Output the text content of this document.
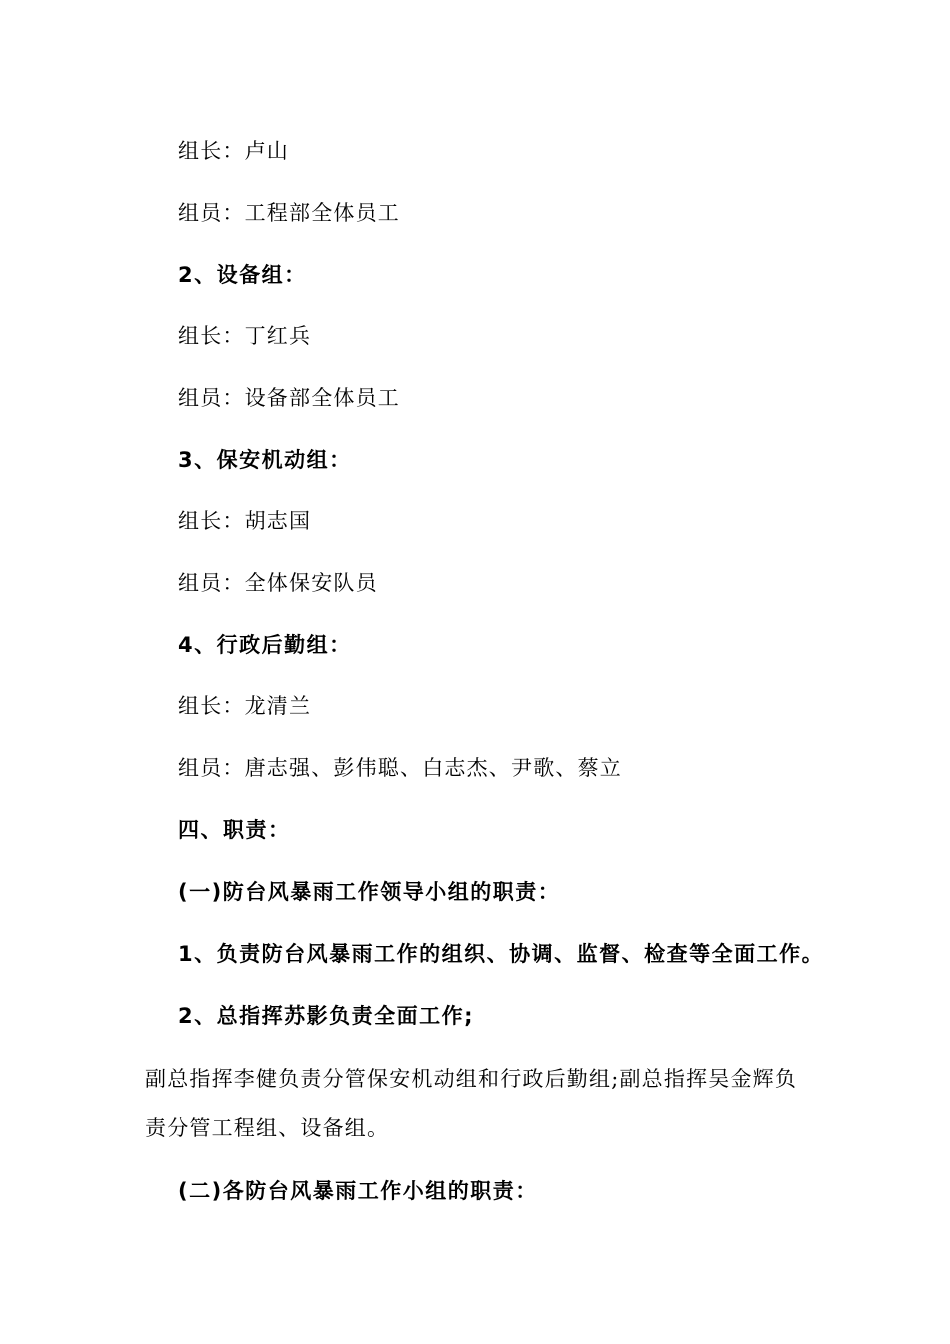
组长：卢山
组员：工程部全体员工
2、设备组：
组长：丁红兵
组员：设备部全体员工
3、保安机动组：
组长：胡志国
组员：全体保安队员
4、行政后勤组：
组长：龙清兰
组员：唐志强、彭伟聪、白志杰、尹歌、蔡立
四、职责：
(一)防台风暴雨工作领导小组的职责：
1、负责防台风暴雨工作的组织、协调、监督、检查等全面工作。
2、总指挥苏影负责全面工作;
副总指挥李健负责分管保安机动组和行政后勤组;副总指挥吴金辉负
责分管工程组、设备组。
(二)各防台风暴雨工作小组的职责：
